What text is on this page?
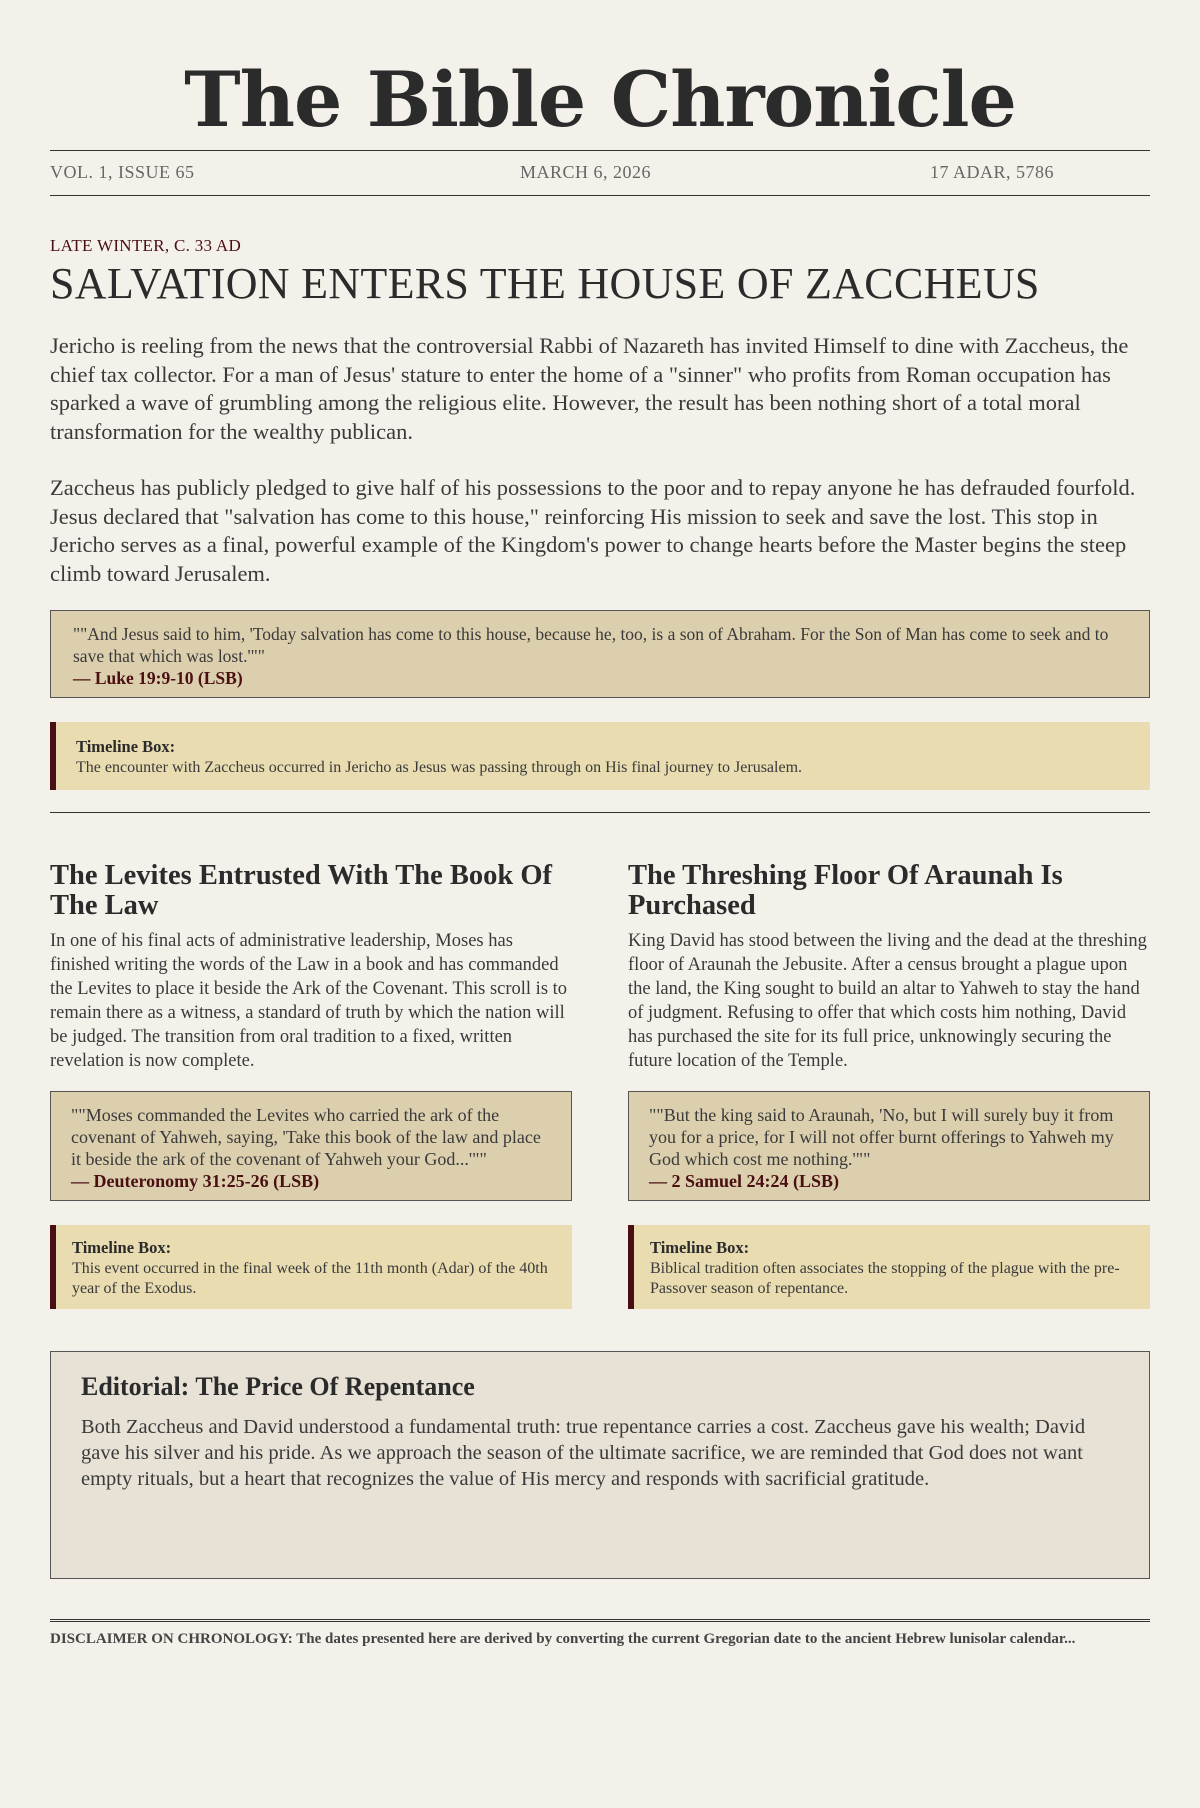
The Bible Chronicle
VOL. 1, ISSUE 65	MARCH 6, 2026	17 ADAR, 5786
LATE WINTER, C. 33 AD
SALVATION ENTERS THE HOUSE OF ZACCHEUS

Jericho is reeling from the news that the controversial Rabbi of Nazareth has invited Himself to dine with Zaccheus, the chief tax collector. For a man of Jesus' stature to enter the home of a "sinner" who profits from Roman occupation has sparked a wave of grumbling among the religious elite. However, the result has been nothing short of a total moral transformation for the wealthy publican.

Zaccheus has publicly pledged to give half of his possessions to the poor and to repay anyone he has defrauded fourfold. Jesus declared that "salvation has come to this house," reinforcing His mission to seek and save the lost. This stop in Jericho serves as a final, powerful example of the Kingdom's power to change hearts before the Master begins the steep climb toward Jerusalem.

""And Jesus said to him, 'Today salvation has come to this house, because he, too, is a son of Abraham. For the Son of Man has come to seek and to save that which was lost.'""
— Luke 19:9-10 (LSB)
Timeline Box:
The encounter with Zaccheus occurred in Jericho as Jesus was passing through on His final journey to Jerusalem.
The Levites Entrusted With The Book Of The Law

In one of his final acts of administrative leadership, Moses has finished writing the words of the Law in a book and has commanded the Levites to place it beside the Ark of the Covenant. This scroll is to remain there as a witness, a standard of truth by which the nation will be judged. The transition from oral tradition to a fixed, written revelation is now complete.

""Moses commanded the Levites who carried the ark of the covenant of Yahweh, saying, 'Take this book of the law and place it beside the ark of the covenant of Yahweh your God...'""
— Deuteronomy 31:25-26 (LSB)
Timeline Box:
This event occurred in the final week of the 11th month (Adar) of the 40th year of the Exodus.
The Threshing Floor Of Araunah Is Purchased

King David has stood between the living and the dead at the threshing floor of Araunah the Jebusite. After a census brought a plague upon the land, the King sought to build an altar to Yahweh to stay the hand of judgment. Refusing to offer that which costs him nothing, David has purchased the site for its full price, unknowingly securing the future location of the Temple.

""But the king said to Araunah, 'No, but I will surely buy it from you for a price, for I will not offer burnt offerings to Yahweh my God which cost me nothing.'""
— 2 Samuel 24:24 (LSB)
Timeline Box:
Biblical tradition often associates the stopping of the plague with the pre-Passover season of repentance.
Editorial: The Price Of Repentance

Both Zaccheus and David understood a fundamental truth: true repentance carries a cost. Zaccheus gave his wealth; David gave his silver and his pride. As we approach the season of the ultimate sacrifice, we are reminded that God does not want empty rituals, but a heart that recognizes the value of His mercy and responds with sacrificial gratitude.

DISCLAIMER ON CHRONOLOGY: The dates presented here are derived by converting the current Gregorian date to the ancient Hebrew lunisolar calendar...
